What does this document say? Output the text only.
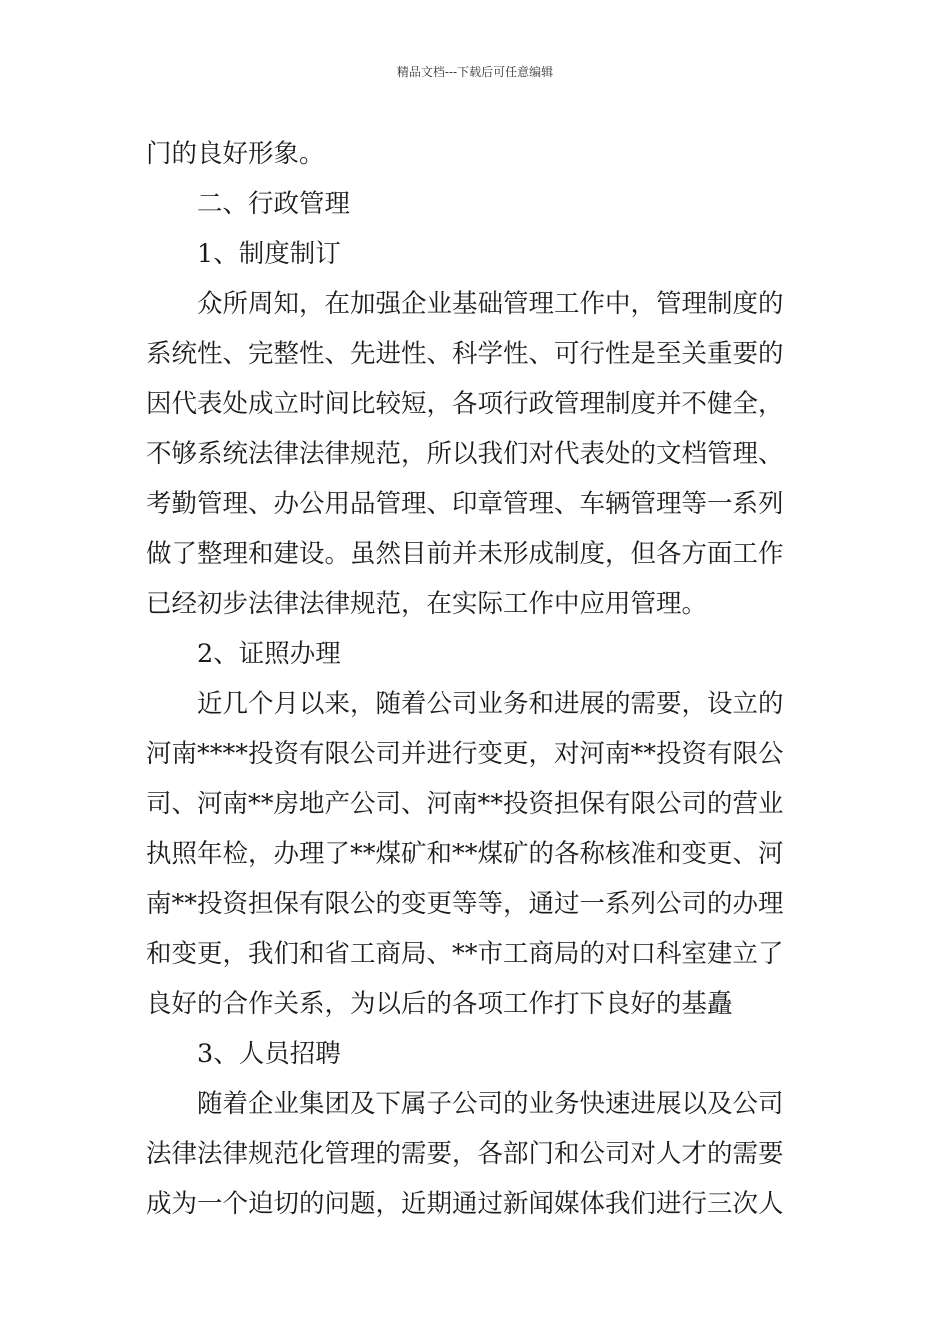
精品文档---下载后可任意编辑
门的良好形象。
二、行政管理
1、制度制订
众所周知，在加强企业基础管理工作中，管理制度的
系统性、完整性、先进性、科学性、可行性是至关重要的
因代表处成立时间比较短，各项行政管理制度并不健全，
不够系统法律法律规范，所以我们对代表处的文档管理、
考勤管理、办公用品管理、印章管理、车辆管理等一系列
做了整理和建设。虽然目前并未形成制度，但各方面工作
已经初步法律法律规范，在实际工作中应用管理。
2、证照办理
近几个月以来，随着公司业务和进展的需要，设立的
河南****投资有限公司并进行变更，对河南**投资有限公
司、河南**房地产公司、河南**投资担保有限公司的营业
执照年检，办理了**煤矿和**煤矿的各称核准和变更、河
南**投资担保有限公的变更等等，通过一系列公司的办理
和变更，我们和省工商局、**市工商局的对口科室建立了
良好的合作关系，为以后的各项工作打下良好的基矗
3、人员招聘
随着企业集团及下属子公司的业务快速进展以及公司
法律法律规范化管理的需要，各部门和公司对人才的需要
成为一个迫切的问题，近期通过新闻媒体我们进行三次人
